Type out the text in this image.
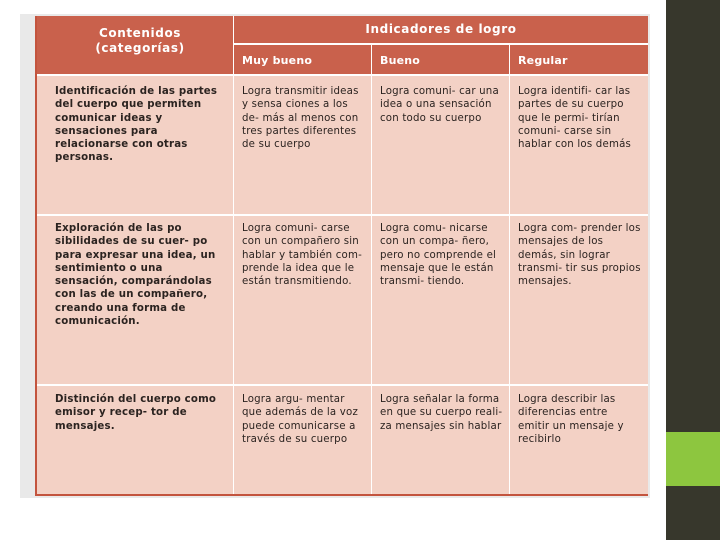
Contenidos (categorías)
Indicadores de logro
Muy bueno	Bueno	Regular
Identificación de las partes del cuerpo que permiten comunicar ideas y sensaciones para relacionarse con otras personas.
Logra transmitir ideas y sensa ciones a los de- más al menos con tres partes diferentes de su cuerpo
Logra comuni- car una idea o una sensación con todo su cuerpo
Logra identifi- car las partes de su cuerpo que le permi- tirían comuni- carse sin hablar con los demás
Exploración de las po sibilidades de su cuer- po para expresar una idea, un sentimiento o una sensación, comparándolas con las de un compañero, creando una forma de comunicación.
Logra comuni- carse con un compañero sin hablar y también com- prende la idea que le están transmitiendo.
Logra comu- nicarse con un compa- ñero, pero no comprende el mensaje que le están transmi- tiendo.
Logra com- prender los mensajes de los demás, sin lograr transmi- tir sus propios mensajes.
Distinción del cuerpo como emisor y recep- tor de mensajes.
Logra argu- mentar que además de la voz puede comunicarse a través de su cuerpo
Logra señalar la forma en que su cuerpo reali- za mensajes sin hablar
Logra describir las diferencias entre emitir un mensaje y recibirlo
